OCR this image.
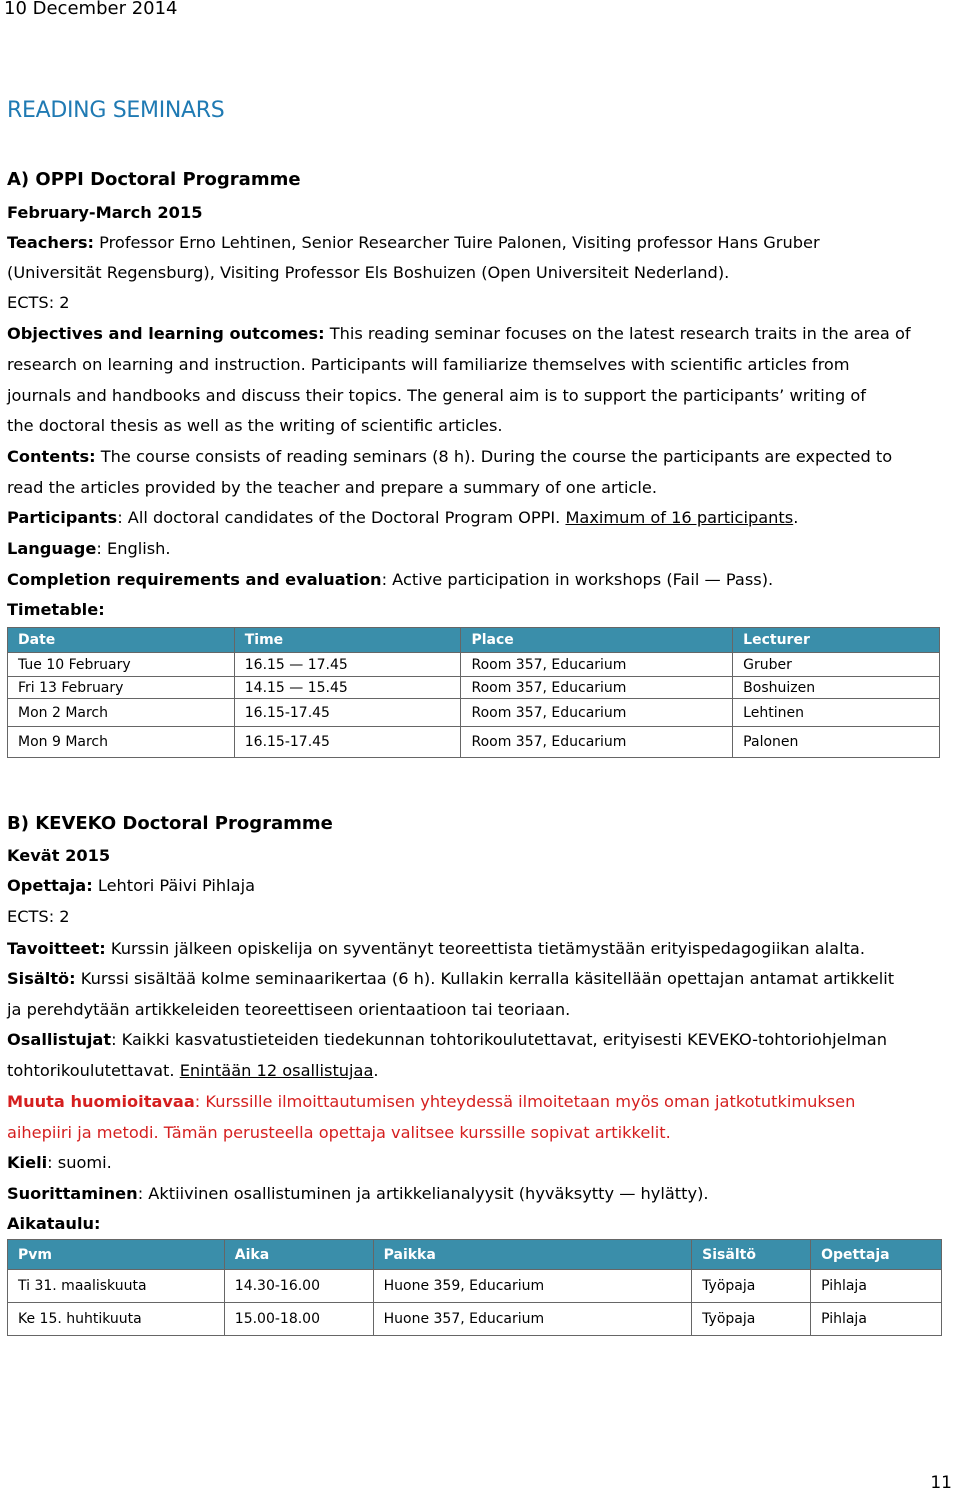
10 December 2014
READING SEMINARS
A) OPPI Doctoral Programme
February-March 2015
Teachers: Professor Erno Lehtinen, Senior Researcher Tuire Palonen, Visiting professor Hans Gruber
(Universität Regensburg), Visiting Professor Els Boshuizen (Open Universiteit Nederland).
ECTS: 2
Objectives and learning outcomes: This reading seminar focuses on the latest research traits in the area of
research on learning and instruction. Participants will familiarize themselves with scientific articles from
journals and handbooks and discuss their topics. The general aim is to support the participants’ writing of
the doctoral thesis as well as the writing of scientific articles.
Contents: The course consists of reading seminars (8 h). During the course the participants are expected to
read the articles provided by the teacher and prepare a summary of one article.
Participants: All doctoral candidates of the Doctoral Program OPPI. Maximum of 16 participants.
Language: English.
Completion requirements and evaluation: Active participation in workshops (Fail — Pass).
Timetable:
Date	Time	Place	Lecturer
Tue 10 February	16.15 — 17.45	Room 357, Educarium	Gruber
Fri 13 February	14.15 — 15.45	Room 357, Educarium	Boshuizen
Mon 2 March	16.15-17.45	Room 357, Educarium	Lehtinen
Mon 9 March	16.15-17.45	Room 357, Educarium	Palonen
B) KEVEKO Doctoral Programme
Kevät 2015
Opettaja: Lehtori Päivi Pihlaja
ECTS: 2
Tavoitteet: Kurssin jälkeen opiskelija on syventänyt teoreettista tietämystään erityispedagogiikan alalta.
Sisältö: Kurssi sisältää kolme seminaarikertaa (6 h). Kullakin kerralla käsitellään opettajan antamat artikkelit
ja perehdytään artikkeleiden teoreettiseen orientaatioon tai teoriaan.
Osallistujat: Kaikki kasvatustieteiden tiedekunnan tohtorikoulutettavat, erityisesti KEVEKO-tohtoriohjelman
tohtorikoulutettavat. Enintään 12 osallistujaa.
Muuta huomioitavaa: Kurssille ilmoittautumisen yhteydessä ilmoitetaan myös oman jatkotutkimuksen
aihepiiri ja metodi. Tämän perusteella opettaja valitsee kurssille sopivat artikkelit.
Kieli: suomi.
Suorittaminen: Aktiivinen osallistuminen ja artikkelianalyysit (hyväksytty — hylätty).
Aikataulu:
Pvm	Aika	Paikka	Sisältö	Opettaja
Ti 31. maaliskuuta	14.30-16.00	Huone 359, Educarium	Työpaja	Pihlaja
Ke 15. huhtikuuta	15.00-18.00	Huone 357, Educarium	Työpaja	Pihlaja
11
